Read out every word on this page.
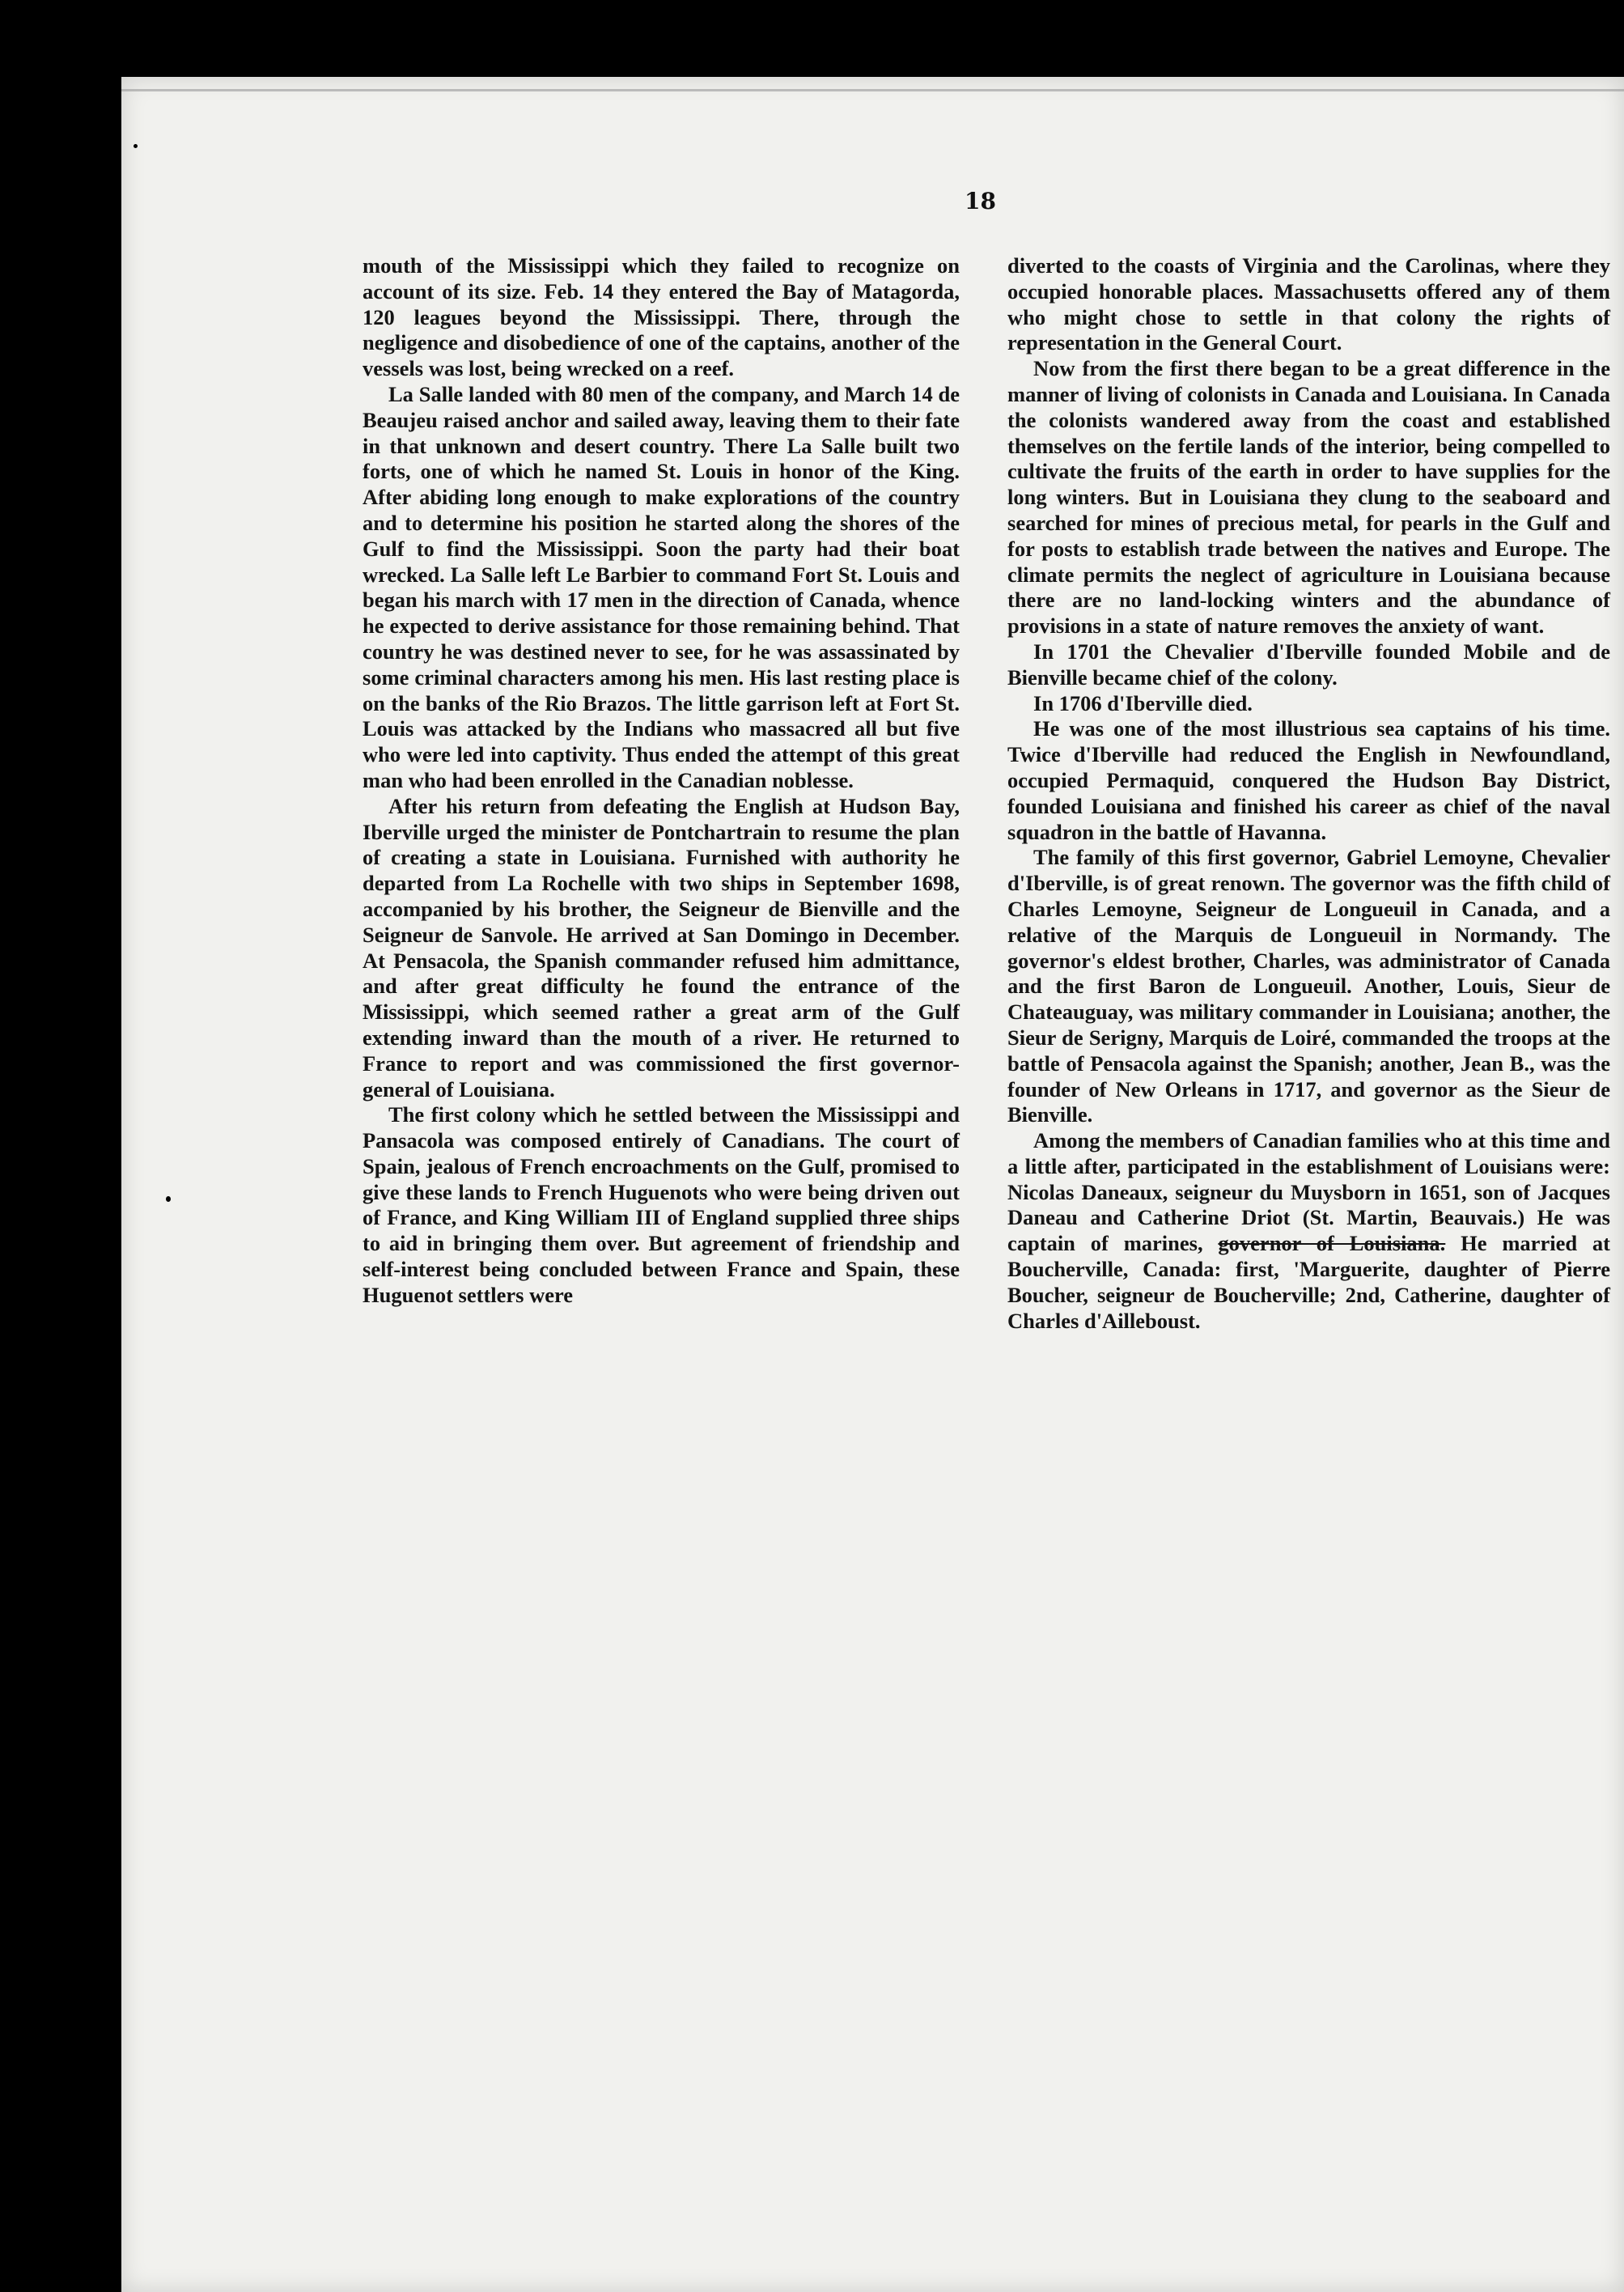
18

mouth of the Mississippi which they failed to recognize on account of its size. Feb. 14 they entered the Bay of Matagorda, 120 leagues beyond the Mississippi. There, through the negligence and disobedience of one of the captains, another of the vessels was lost, being wrecked on a reef.

La Salle landed with 80 men of the company, and March 14 de Beaujeu raised anchor and sailed away, leaving them to their fate in that unknown and desert country. There La Salle built two forts, one of which he named St. Louis in honor of the King. After abiding long enough to make explorations of the country and to determine his position he started along the shores of the Gulf to find the Mississippi. Soon the party had their boat wrecked. La Salle left Le Barbier to command Fort St. Louis and began his march with 17 men in the direction of Canada, whence he expected to derive assistance for those remaining behind. That country he was destined never to see, for he was assassinated by some criminal characters among his men. His last resting place is on the banks of the Rio Brazos. The little garrison left at Fort St. Louis was attacked by the Indians who massacred all but five who were led into captivity. Thus ended the attempt of this great man who had been enrolled in the Canadian noblesse.

After his return from defeating the English at Hudson Bay, Iberville urged the minister de Pontchartrain to resume the plan of creating a state in Louisiana. Furnished with authority he departed from La Rochelle with two ships in September 1698, accompanied by his brother, the Seigneur de Bienville and the Seigneur de Sanvole. He arrived at San Domingo in December. At Pensacola, the Spanish commander refused him admittance, and after great difficulty he found the entrance of the Mississippi, which seemed rather a great arm of the Gulf extending inward than the mouth of a river. He returned to France to report and was commissioned the first governor-general of Louisiana.

The first colony which he settled between the Mississippi and Pansacola was composed entirely of Canadians. The court of Spain, jealous of French encroachments on the Gulf, promised to give these lands to French Huguenots who were being driven out of France, and King William III of England supplied three ships to aid in bringing them over. But agreement of friendship and self-interest being concluded between France and Spain, these Huguenot settlers were

diverted to the coasts of Virginia and the Carolinas, where they occupied honorable places. Massachusetts offered any of them who might chose to settle in that colony the rights of representation in the General Court.

Now from the first there began to be a great difference in the manner of living of colonists in Canada and Louisiana. In Canada the colonists wandered away from the coast and established themselves on the fertile lands of the interior, being compelled to cultivate the fruits of the earth in order to have supplies for the long winters. But in Louisiana they clung to the seaboard and searched for mines of precious metal, for pearls in the Gulf and for posts to establish trade between the natives and Europe. The climate permits the neglect of agriculture in Louisiana because there are no land-locking winters and the abundance of provisions in a state of nature removes the anxiety of want.

In 1701 the Chevalier d'Iberville founded Mobile and de Bienville became chief of the colony.

In 1706 d'Iberville died.

He was one of the most illustrious sea captains of his time. Twice d'Iberville had reduced the English in Newfoundland, occupied Permaquid, conquered the Hudson Bay District, founded Louisiana and finished his career as chief of the naval squadron in the battle of Havanna.

The family of this first governor, Gabriel Lemoyne, Chevalier d'Iberville, is of great renown. The governor was the fifth child of Charles Lemoyne, Seigneur de Longueuil in Canada, and a relative of the Marquis de Longueuil in Normandy. The governor's eldest brother, Charles, was administrator of Canada and the first Baron de Longueuil. Another, Louis, Sieur de Chateauguay, was military commander in Louisiana; another, the Sieur de Serigny, Marquis de Loiré, commanded the troops at the battle of Pensacola against the Spanish; another, Jean B., was the founder of New Orleans in 1717, and governor as the Sieur de Bienville.

Among the members of Canadian families who at this time and a little after, participated in the establishment of Louisians were: Nicolas Daneaux, seigneur du Muysborn in 1651, son of Jacques Daneau and Catherine Driot (St. Martin, Beauvais.) He was captain of marines, governor of Louisiana. He married at Boucherville, Canada: first, 'Marguerite, daughter of Pierre Boucher, seigneur de Boucherville; 2nd, Catherine, daughter of Charles d'Ailleboust.
